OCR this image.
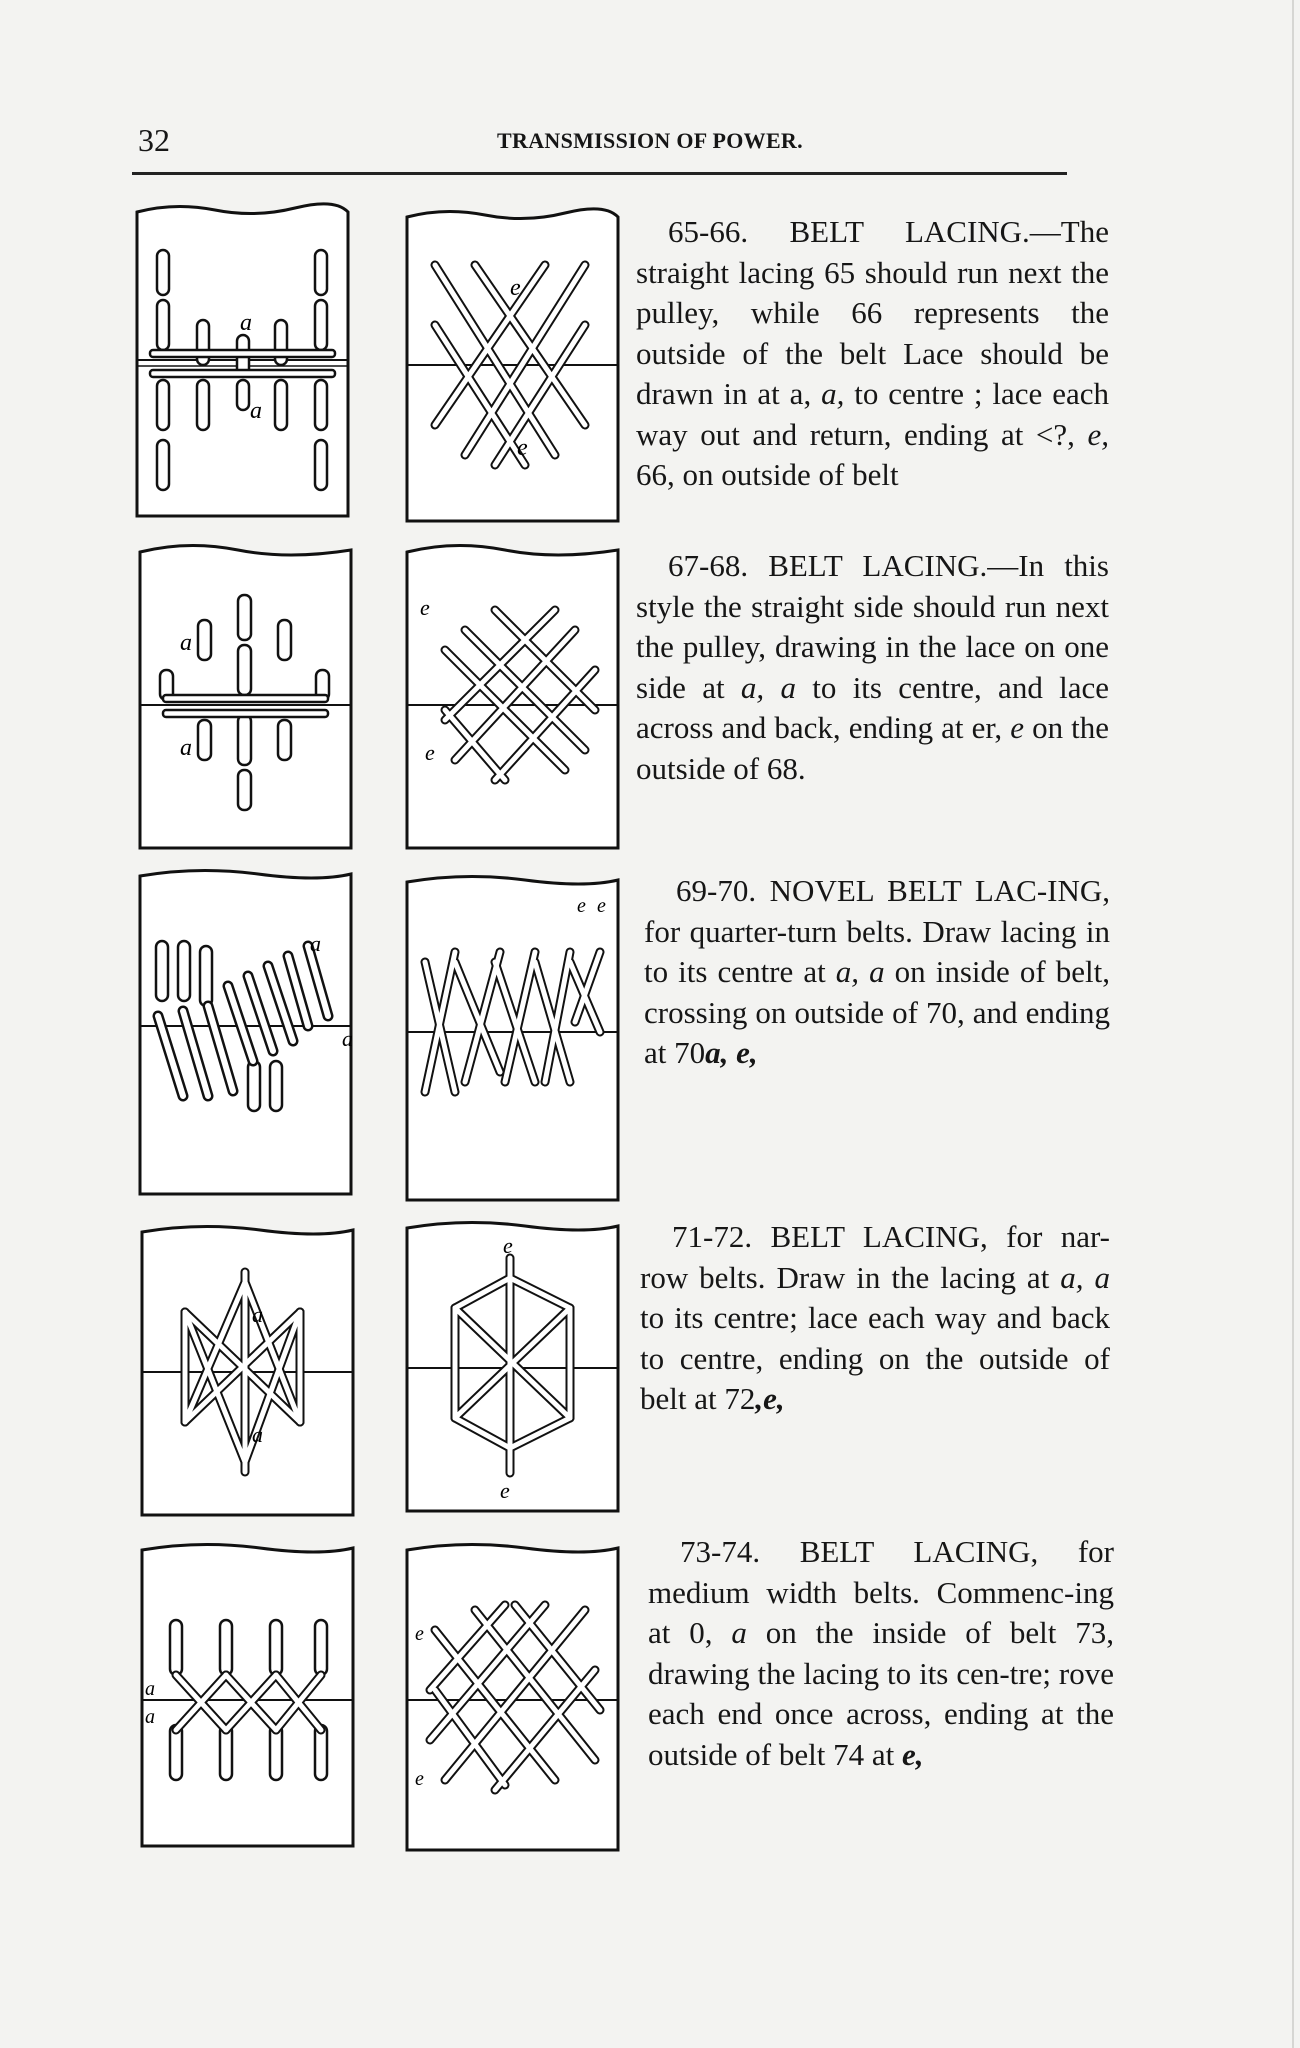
32	TRANSMISSION OF POWER.
a
a
e
e
a
a
e
e
a
a
e e
a
a
e
e
a
a
e
e
65-66. BELT LACING.—The straight lacing 65 should run next the pulley, while 66 represents the outside of the belt Lace should be drawn in at a, a, to centre ; lace each way out and return, ending at <?, e, 66, on outside of belt
67-68. BELT LACING.—In this style the straight side should run next the pulley, drawing in the lace on one side at a, a to its centre, and lace across and back, ending at er, e on the outside of 68.
69-70. NOVEL BELT LAC-ING, for quarter-turn belts. Draw lacing in to its centre at a, a on inside of belt, crossing on outside of 70, and ending at 70a, e,
71-72. BELT LACING, for nar-row belts. Draw in the lacing at a, a to its centre; lace each way and back to centre, ending on the outside of belt at 72,e,
73-74. BELT LACING, for medium width belts. Commenc-ing at 0, a on the inside of belt 73, drawing the lacing to its cen-tre; rove each end once across, ending at the outside of belt 74 at e,
